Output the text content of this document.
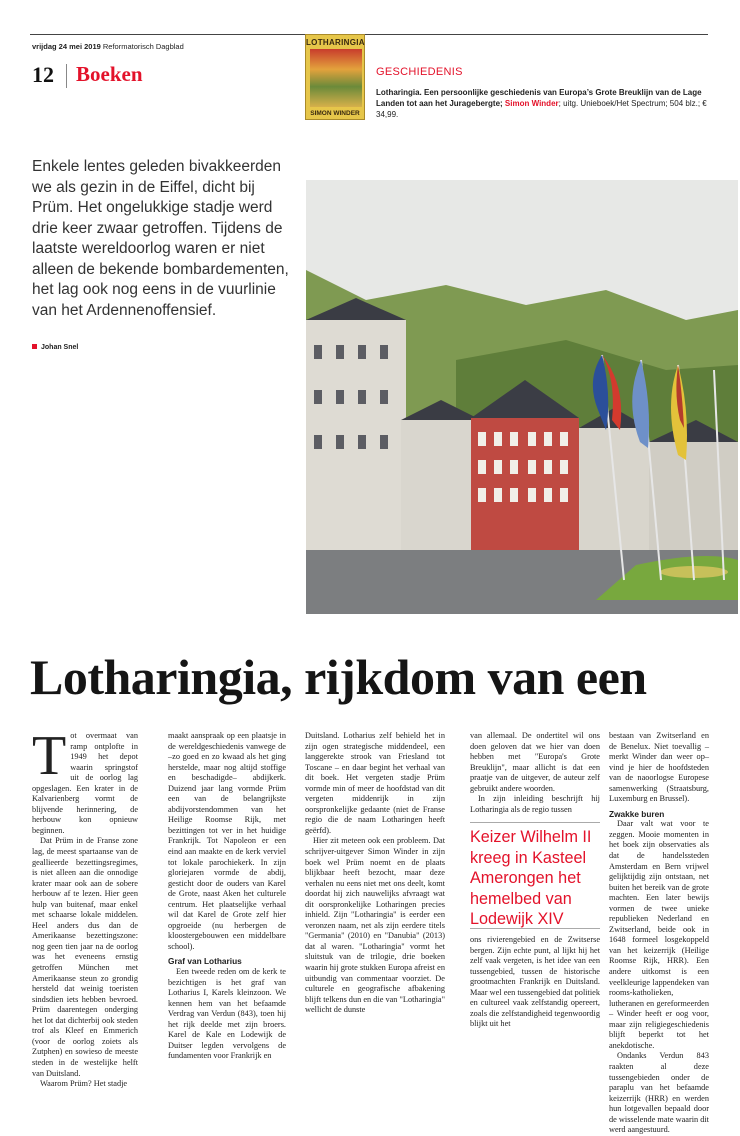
vrijdag 24 mei 2019 Reformatorisch Dagblad
12 Boeken
LOTHARINGIA
SIMON WINDER
GESCHIEDENIS
Lotharingia. Een persoonlijke geschiedenis van Europa’s Grote Breuklijn van de Lage Landen tot aan het Juragebergte; Simon Winder; uitg. Unieboek/Het Spectrum; 504 blz.; € 34,99.
Enkele lentes geleden bivakkeerden we als gezin in de Eiffel, dicht bij Prüm. Het ongelukkige stadje werd drie keer zwaar getroffen. Tijdens de laatste wereldoorlog waren er niet alleen de bekende bombardementen, het lag ook nog eens in de vuurlinie van het Ardennenoffensief.
Johan Snel
Lotharingia, rijkdom van een
T ot overmaat van ramp ontplofte in 1949 het depot waarin springstof uit de oorlog lag opgeslagen. Een krater in de Kalvarienberg vormt de blijvende herinnering, de herbouw kon opnieuw beginnen.

Dat Prüm in de Franse zone lag, de meest spartaanse van de geallieerde bezettingsregimes, is niet alleen aan die onnodige krater maar ook aan de sobere herbouw af te lezen. Hier geen hulp van buitenaf, maar enkel met schaarse lokale middelen. Heel anders dus dan de Amerikaanse bezettingszone: nog geen tien jaar na de oorlog was het eveneens ernstig getroffen München met Amerikaanse steun zo grondig hersteld dat weinig toeristen sindsdien iets hebben bevroed. Prüm daarentegen onderging het lot dat dichterbij ook steden trof als Kleef en Emmerich (voor de oorlog zoiets als Zutphen) en sowieso de meeste steden in de westelijke helft van Duitsland.

Waarom Prüm? Het stadje

maakt aanspraak op een plaatsje in de wereldgeschiedenis vanwege de –zo goed en zo kwaad als het ging herstelde, maar nog altijd stoffige en beschadigde– abdijkerk. Duizend jaar lang vormde Prüm een van de belangrijkste abdijvorstendommen van het Heilige Roomse Rijk, met bezittingen tot ver in het huidige Frankrijk. Tot Napoleon er een eind aan maakte en de kerk verviel tot lokale parochiekerk. In zijn gloriejaren vormde de abdij, gesticht door de ouders van Karel de Grote, naast Aken het culturele centrum. Het plaatselijke verhaal wil dat Karel de Grote zelf hier opgroeide (nu herbergen de kloostergebouwen een middelbare school).

Graf van Lotharius

Een tweede reden om de kerk te bezichtigen is het graf van Lotharius I, Karels kleinzoon. We kennen hem van het befaamde Verdrag van Verdun (843), toen hij het rijk deelde met zijn broers. Karel de Kale en Lodewijk de Duitser legden vervolgens de fundamenten voor Frankrijk en

Duitsland. Lotharius zelf behield het in zijn ogen strategische middendeel, een langgerekte strook van Friesland tot Toscane – en daar begint het verhaal van dit boek. Het vergeten stadje Prüm vormde min of meer de hoofdstad van dit vergeten middenrijk in zijn oorspronkelijke gedaante (niet de Franse regio die de naam Lotharingen heeft geërfd).

Hier zit meteen ook een probleem. Dat schrijver-uitgever Simon Winder in zijn boek wel Prüm noemt en de plaats blijkbaar heeft bezocht, maar deze verhalen nu eens niet met ons deelt, komt doordat hij zich nauwelijks afvraagt wat dit oorspronkelijke Lotharingen precies inhield. Zijn "Lotharingia" is eerder een veronzen naam, net als zijn eerdere titels "Germania" (2010) en "Danubia" (2013) dat al waren. "Lotharingia" vormt het sluitstuk van de trilogie, drie boeken waarin hij grote stukken Europa afreist en uitbundig van commentaar voorziet. De culturele en geografische afbakening blijft telkens dun en die van "Lotharingia" wellicht de dunste

van allemaal. De ondertitel wil ons doen geloven dat we hier van doen hebben met "Europa's Grote Breuklijn", maar allicht is dat een praatje van de uitgever, de auteur zelf gebruikt andere woorden.

In zijn inleiding beschrijft hij Lotharingia als de regio tussen

Keizer Wilhelm II kreeg in Kasteel Amerongen het hemelbed van Lodewijk XIV

ons rivierengebied en de Zwitserse bergen. Zijn echte punt, al lijkt hij het zelf vaak vergeten, is het idee van een tussengebied, tussen de historische grootmachten Frankrijk en Duitsland. Maar wel een tussengebied dat politiek en cultureel vaak zelfstandig opereert, zoals die zelfstandigheid tegenwoordig blijkt uit het

bestaan van Zwitserland en de Benelux. Niet toevallig –merkt Winder dan weer op– vind je hier de hoofdsteden van de naoorlogse Europese samenwerking (Straatsburg, Luxemburg en Brussel).

Zwakke buren

Daar valt wat voor te zeggen. Mooie momenten in het boek zijn observaties als dat de handelssteden Amsterdam en Bern vrijwel gelijktijdig zijn ontstaan, net buiten het bereik van de grote machten. Een later bewijs vormen de twee unieke republieken Nederland en Zwitserland, beide ook in 1648 formeel losgekoppeld van het keizerrijk (Heilige Roomse Rijk, HRR). Een andere uitkomst is een veelkleurige lappendeken van rooms-katholieken, lutheranen en gereformeerden – Winder heeft er oog voor, maar zijn religiegeschiedenis blijft beperkt tot het anekdotische.

Ondanks Verdun 843 raakten al deze tussengebieden onder de paraplu van het befaamde keizerrijk (HRR) en werden hun lotgevallen bepaald door de wisselende mate waarin dit werd aangestuurd.
